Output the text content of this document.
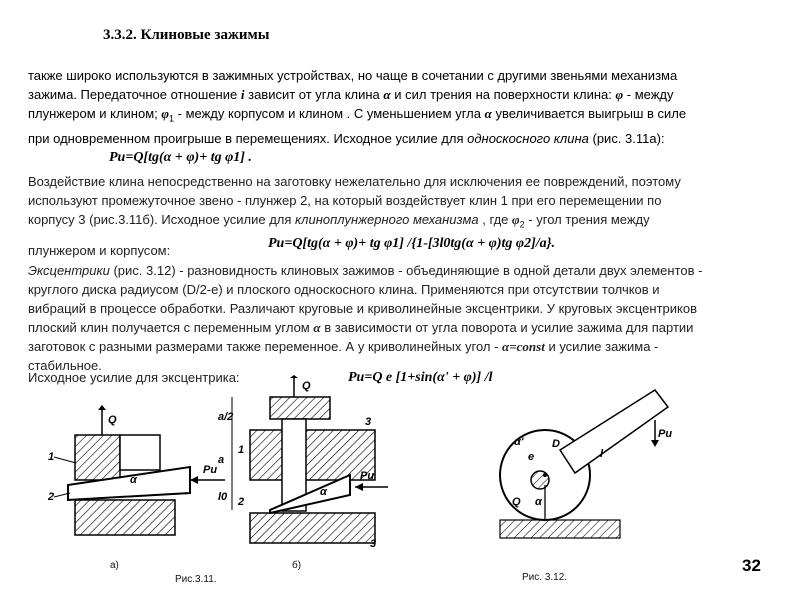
3.3.2. Клиновые зажимы
также широко используются в зажимных устройствах, но чаще в сочетании с другими звеньями механизма
зажима. Передаточное отношение i зависит от угла клина α и сил трения на поверхности клина: φ - между
плунжером и клином; $\varphi_1$ - между корпусом и клином . С уменьшением угла α увеличивается выигрыш в силе
при одновременном проигрыше в перемещениях. Исходное усилие для односкосного клина (рис. 3.11а):
Pи=Q[tg(α + φ)+ tg φ1] .
Воздействие клина непосредственно на заготовку нежелательно для исключения ее повреждений, поэтому
используют промежуточное звено - плунжер 2, на который воздействует клин 1 при его перемещении по
корпусу 3 (рис.3.11б). Исходное усилие для клиноплунжерного механизма , где $\varphi_2$ - угол трения между
плунжером и корпусом:	Pи=Q[tg(α + φ)+ tg φ1] /{1-[3l0tg(α + φ)tg φ2]/a}.
Эксцентрики (рис. 3.12) - разновидность клиновых зажимов - объединяющие в одной детали двух элементов -
круглого диска радиусом (D/2-e) и плоского односкосного клина. Применяются при отсутствии толчков и
вибраций в процессе обработки. Различают круговые и криволинейные эксцентрики. У круговых эксцентриков
плоский клин получается с переменным углом α в зависимости от угла поворота и усилие зажима для партии
заготовок с разными размерами также переменное. А у криволинейных угол - α=const и усилие зажима -
стабильное.
Исходное усилие для эксцентрика:	Pи=Q e [1+sin(α' + φ)] /l
Q
Pи
α
1
2
а)
Q
Pи
a/2
a
l0	α
3
1
2
3
б)
Рис.3.11.
Pи
D
e	l
α'
α
Q
Рис. 3.12.
32
